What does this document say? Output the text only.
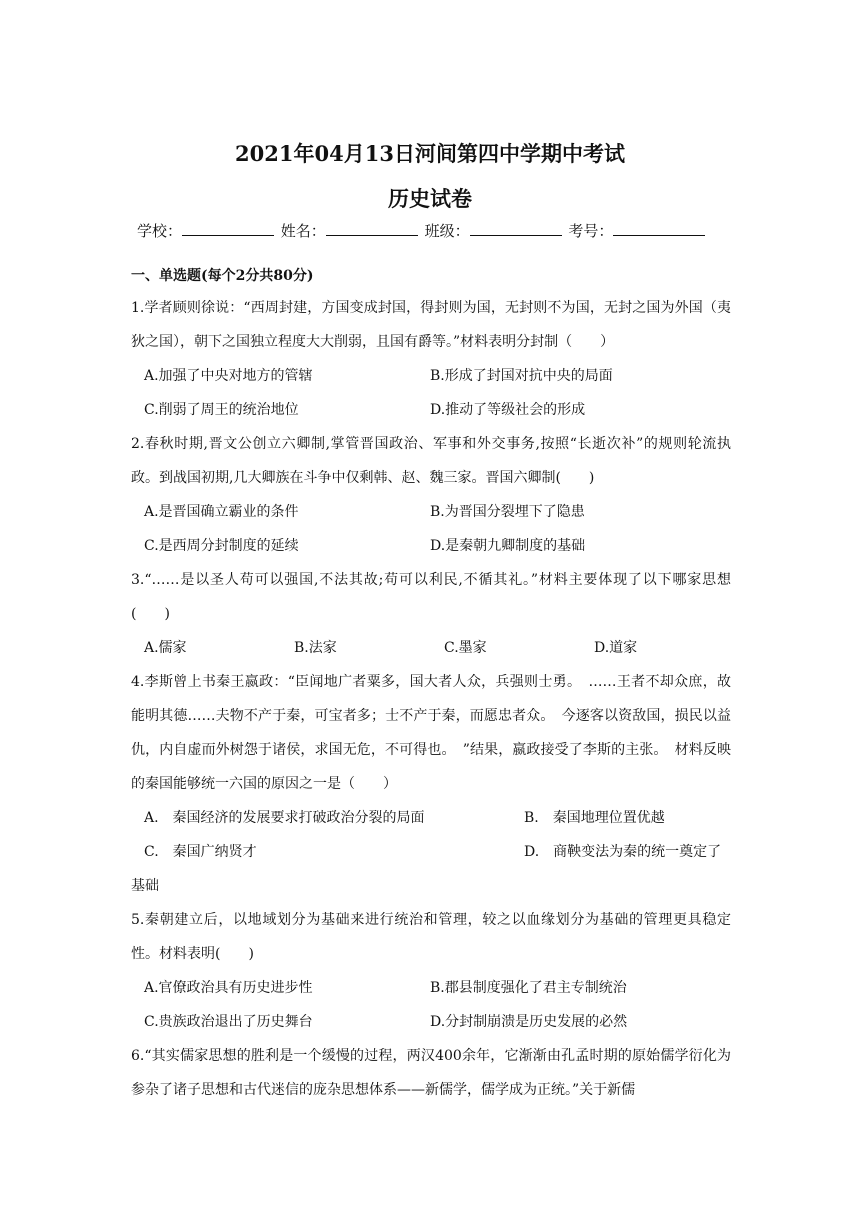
2021年04月13日河间第四中学期中考试
历史试卷
学校：	姓名：	班级：	考号：
一、单选题(每个2分共80分)
1.学者顾则徐说：“西周封建，方国变成封国，得封则为国，无封则不为国，无封之国为外国（夷狄之国），朝下之国独立程度大大削弱，且国有爵等。”材料表明分封制（　　）
A.加强了中央对地方的管辖	B.形成了封国对抗中央的局面
C.削弱了周王的统治地位	D.推动了等级社会的形成
2.春秋时期,晋文公创立六卿制,掌管晋国政治、军事和外交事务,按照“长逝次补”的规则轮流执政。到战国初期,几大卿族在斗争中仅剩韩、赵、魏三家。晋国六卿制(　　)
A.是晋国确立霸业的条件	B.为晋国分裂埋下了隐患
C.是西周分封制度的延续	D.是秦朝九卿制度的基础
3.“……是以圣人苟可以强国,不法其故;苟可以利民,不循其礼。”材料主要体现了以下哪家思想(　　)
A.儒家	B.法家	C.墨家	D.道家
4.李斯曾上书秦王嬴政：“臣闻地广者粟多，国大者人众，兵强则士勇。　……王者不却众庶，故能明其德……夫物不产于秦，可宝者多；士不产于秦，而愿忠者众。　今逐客以资敌国，损民以益仇，内自虚而外树怨于诸侯，求国无危，不可得也。　”结果，嬴政接受了李斯的主张。　材料反映的秦国能够统一六国的原因之一是（　　）
A.　秦国经济的发展要求打破政治分裂的局面	B.　秦国地理位置优越
C.　秦国广纳贤才	D.　商鞅变法为秦的统一奠定了
基础
5.秦朝建立后，以地域划分为基础来进行统治和管理，较之以血缘划分为基础的管理更具稳定性。材料表明(　　)
A.官僚政治具有历史进步性	B.郡县制度强化了君主专制统治
C.贵族政治退出了历史舞台	D.分封制崩溃是历史发展的必然
6.“其实儒家思想的胜利是一个缓慢的过程，两汉400余年，它渐渐由孔孟时期的原始儒学衍化为参杂了诸子思想和古代迷信的庞杂思想体系——新儒学，儒学成为正统。”关于新儒
